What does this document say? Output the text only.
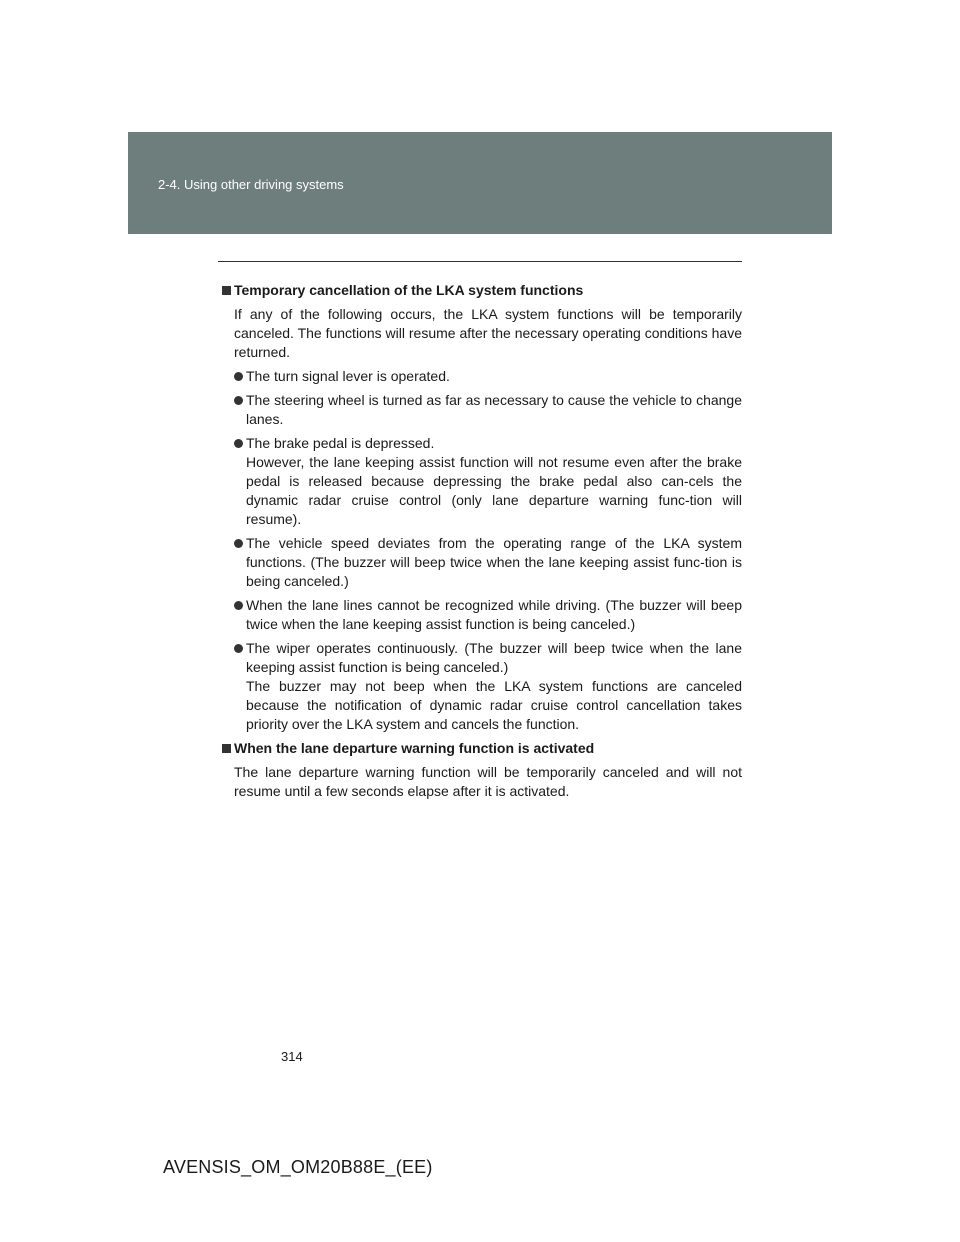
2-4. Using other driving systems

Temporary cancellation of the LKA system functions

If any of the following occurs, the LKA system functions will be temporarily canceled. The functions will resume after the necessary operating conditions have returned.

The turn signal lever is operated.
The steering wheel is turned as far as necessary to cause the vehicle to change lanes.
The brake pedal is depressed.
However, the lane keeping assist function will not resume even after the brake pedal is released because depressing the brake pedal also can-cels the dynamic radar cruise control (only lane departure warning func-tion will resume).
The vehicle speed deviates from the operating range of the LKA system functions. (The buzzer will beep twice when the lane keeping assist func-tion is being canceled.)
When the lane lines cannot be recognized while driving. (The buzzer will beep twice when the lane keeping assist function is being canceled.)
The wiper operates continuously. (The buzzer will beep twice when the lane keeping assist function is being canceled.)
The buzzer may not beep when the LKA system functions are canceled because the notification of dynamic radar cruise control cancellation takes priority over the LKA system and cancels the function.

When the lane departure warning function is activated

The lane departure warning function will be temporarily canceled and will not resume until a few seconds elapse after it is activated.

314
AVENSIS_OM_OM20B88E_(EE)
